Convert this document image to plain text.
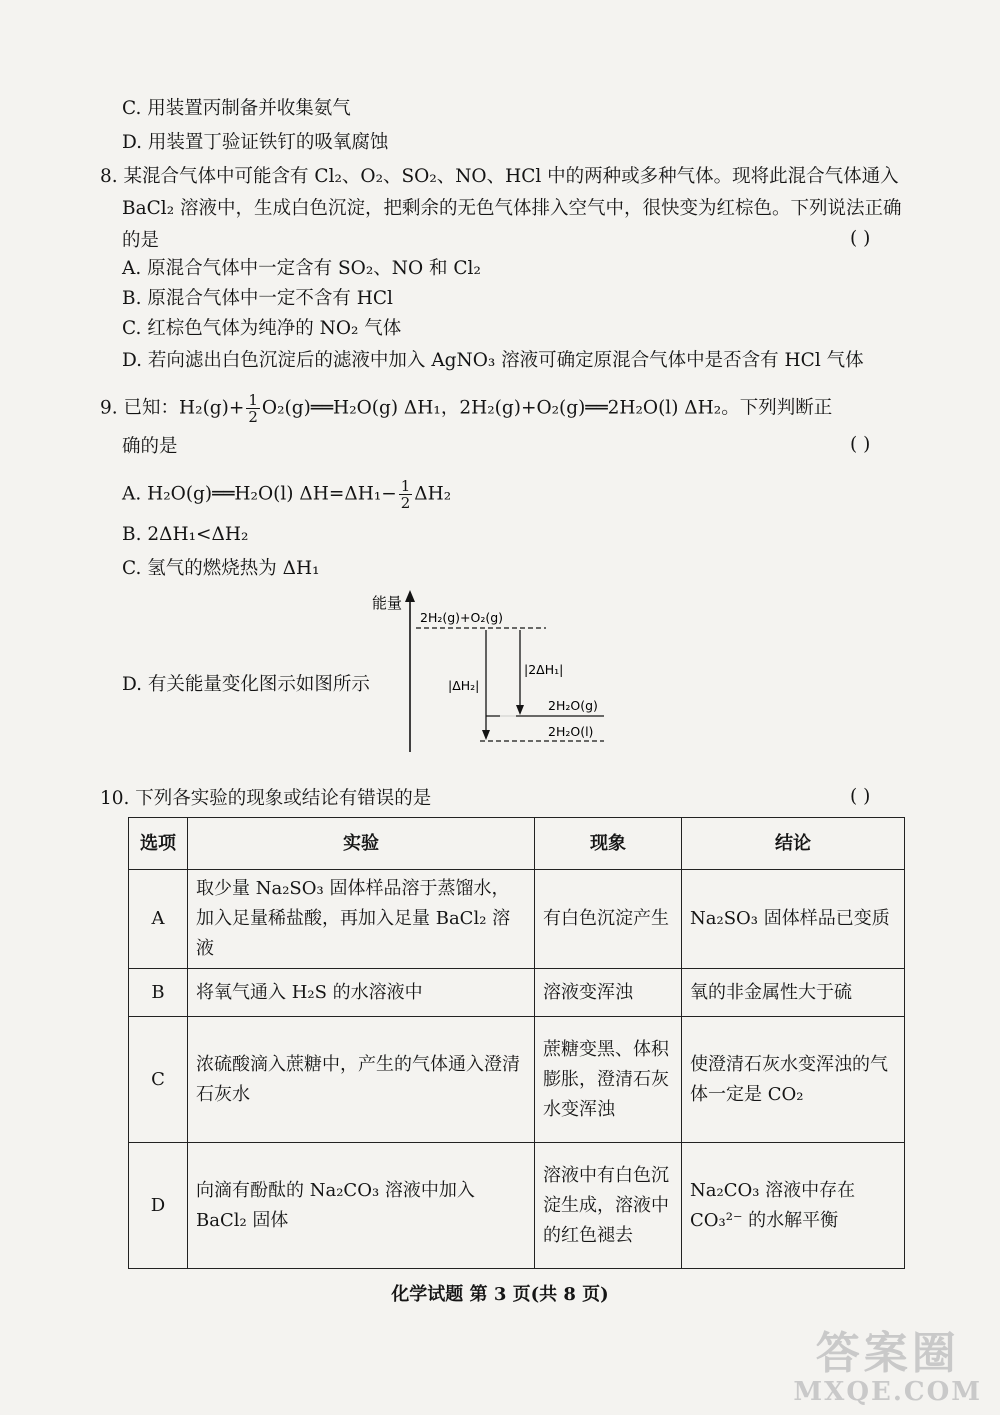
C. 用装置丙制备并收集氨气
D. 用装置丁验证铁钉的吸氧腐蚀
8. 某混合气体中可能含有 Cl₂、O₂、SO₂、NO、HCl 中的两种或多种气体。现将此混合气体通入
BaCl₂ 溶液中，生成白色沉淀，把剩余的无色气体排入空气中，很快变为红棕色。下列说法正确
的是	( )
A. 原混合气体中一定含有 SO₂、NO 和 Cl₂
B. 原混合气体中一定不含有 HCl
C. 红棕色气体为纯净的 NO₂ 气体
D. 若向滤出白色沉淀后的滤液中加入 AgNO₃ 溶液可确定原混合气体中是否含有 HCl 气体
9. 已知：$H_2(g)+ \frac{1}{2}$ O₂(g)══H₂O(g) ΔH₁，2H₂(g)+O₂(g)══2H₂O(l) ΔH₂。下列判断正
确的是	( )
A. H₂O(g)══H₂O(l) $\Delta H=\Delta H_1- \frac{1}{2} \Delta H_2$
B. 2ΔH₁<ΔH₂
C. 氢气的燃烧热为 ΔH₁
D. 有关能量变化图示如图所示
能量
2H₂(g)+O₂(g)
2H₂O(g)
2H₂O(l)
|2ΔH₁|
|ΔH₂|
10. 下列各实验的现象或结论有错误的是	( )
选项	实验	现象	结论
A	取少量 Na₂SO₃ 固体样品溶于蒸馏水，加入足量稀盐酸，再加入足量 BaCl₂ 溶液	有白色沉淀产生	Na₂SO₃ 固体样品已变质
B	将氧气通入 H₂S 的水溶液中	溶液变浑浊	氧的非金属性大于硫
C	浓硫酸滴入蔗糖中，产生的气体通入澄清石灰水	蔗糖变黑、体积膨胀，澄清石灰水变浑浊	使澄清石灰水变浑浊的气体一定是 CO₂
D	向滴有酚酞的 Na₂CO₃ 溶液中加入 BaCl₂ 固体	溶液中有白色沉淀生成，溶液中的红色褪去	Na₂CO₃ 溶液中存在 CO₃²⁻ 的水解平衡
化学试题 第 3 页(共 8 页)
答案圈
MXQE.COM
